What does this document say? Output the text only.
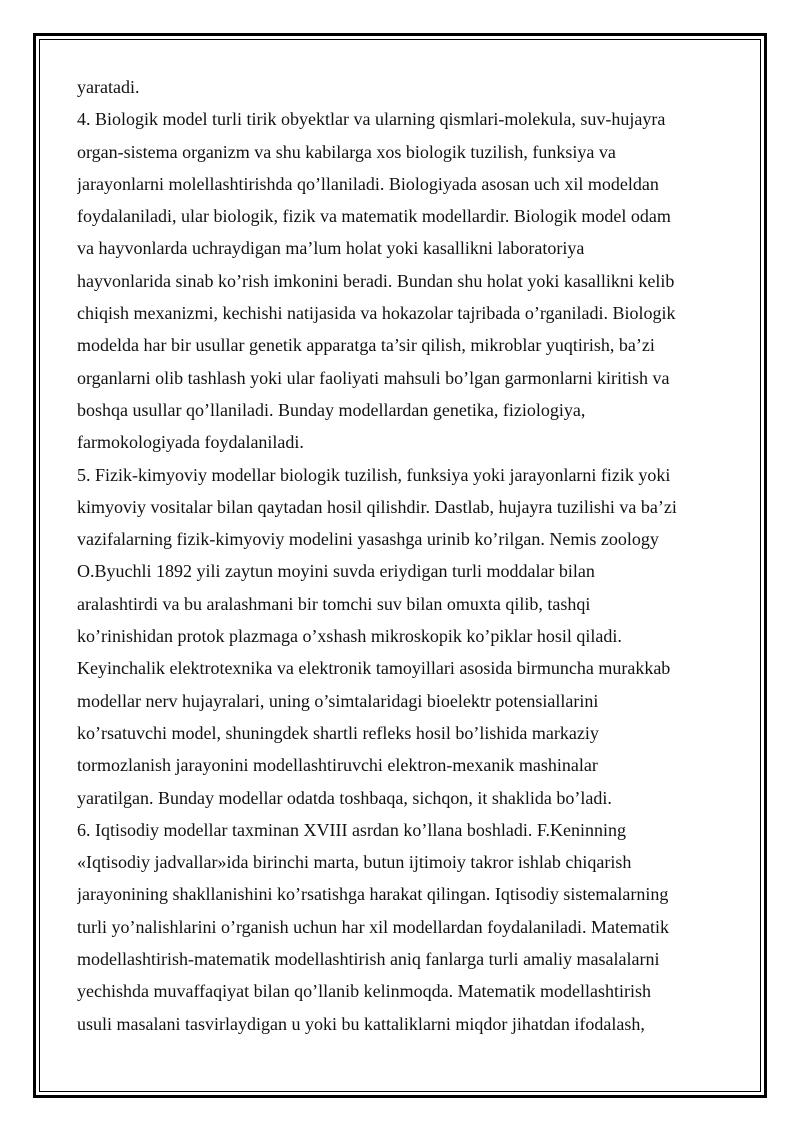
yaratadi.
4. Biologik model turli tirik obyektlar va ularning qismlari-molekula, suv-hujayra
organ-sistema organizm va shu kabilarga xos biologik tuzilish, funksiya va
jarayonlarni molellashtirishda qo’llaniladi. Biologiyada asosan uch xil modeldan
foydalaniladi, ular biologik, fizik va matematik modellardir. Biologik model odam
va hayvonlarda uchraydigan ma’lum holat yoki kasallikni laboratoriya
hayvonlarida sinab ko’rish imkonini beradi. Bundan shu holat yoki kasallikni kelib
chiqish mexanizmi, kechishi natijasida va hokazolar tajribada o’rganiladi. Biologik
modelda har bir usullar genetik apparatga ta’sir qilish, mikroblar yuqtirish, ba’zi
organlarni olib tashlash yoki ular faoliyati mahsuli bo’lgan garmonlarni kiritish va
boshqa usullar qo’llaniladi. Bunday modellardan genetika, fiziologiya,
farmokologiyada foydalaniladi.
5. Fizik-kimyoviy modellar biologik tuzilish, funksiya yoki jarayonlarni fizik yoki
kimyoviy vositalar bilan qaytadan hosil qilishdir. Dastlab, hujayra tuzilishi va ba’zi
vazifalarning fizik-kimyoviy modelini yasashga urinib ko’rilgan. Nemis zoology
O.Byuchli 1892 yili zaytun moyini suvda eriydigan turli moddalar bilan
aralashtirdi va bu aralashmani bir tomchi suv bilan omuxta qilib, tashqi
ko’rinishidan protok plazmaga o’xshash mikroskopik ko’piklar hosil qiladi.
Keyinchalik elektrotexnika va elektronik tamoyillari asosida birmuncha murakkab
modellar nerv hujayralari, uning o’simtalaridagi bioelektr potensiallarini
ko’rsatuvchi model, shuningdek shartli refleks hosil bo’lishida markaziy
tormozlanish jarayonini modellashtiruvchi elektron-mexanik mashinalar
yaratilgan. Bunday modellar odatda toshbaqa, sichqon, it shaklida bo’ladi.
6. Iqtisodiy modellar taxminan XVIII asrdan ko’llana boshladi. F.Keninning
«Iqtisodiy jadvallar»ida birinchi marta, butun ijtimoiy takror ishlab chiqarish
jarayonining shakllanishini ko’rsatishga harakat qilingan. Iqtisodiy sistemalarning
turli yo’nalishlarini o’rganish uchun har xil modellardan foydalaniladi. Matematik
modellashtirish-matematik modellashtirish aniq fanlarga turli amaliy masalalarni
yechishda muvaffaqiyat bilan qo’llanib kelinmoqda. Matematik modellashtirish
usuli masalani tasvirlaydigan u yoki bu kattaliklarni miqdor jihatdan ifodalash,
